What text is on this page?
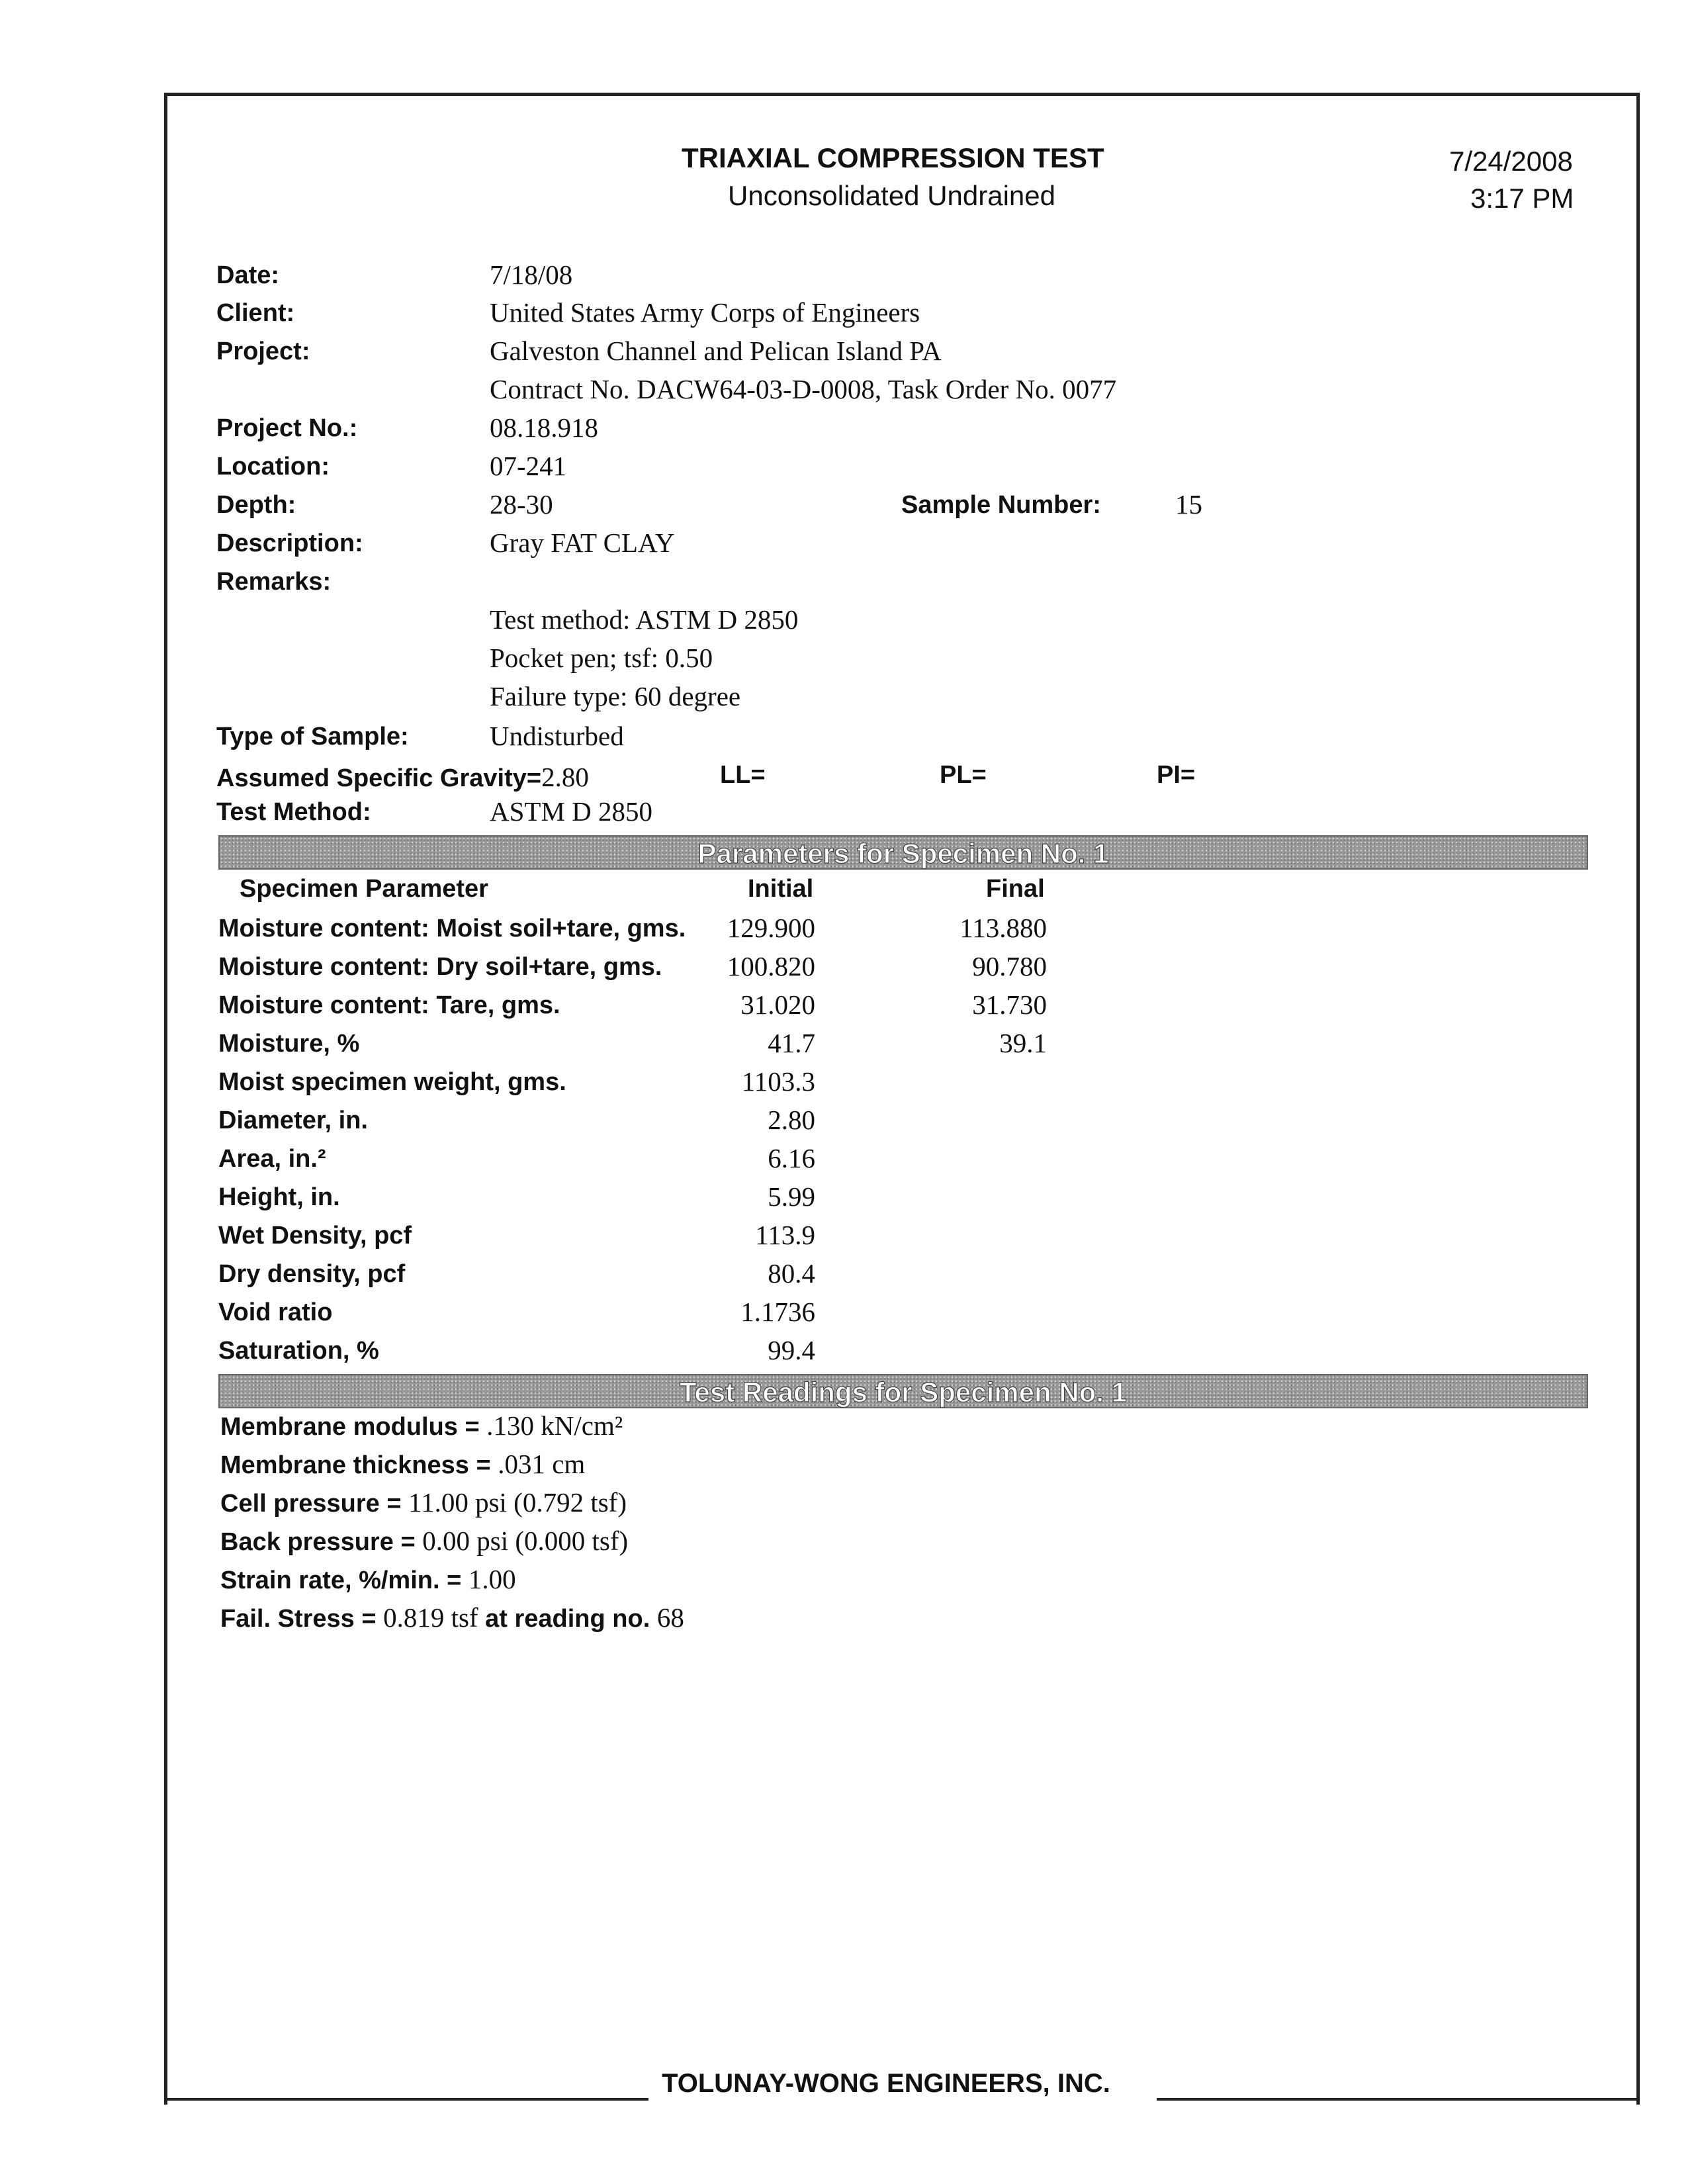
TRIAXIAL COMPRESSION TEST
Unconsolidated Undrained
7/24/2008
3:17 PM
Date:	7/18/08
Client:	United States Army Corps of Engineers
Project:	Galveston Channel and Pelican Island PA
Contract No. DACW64-03-D-0008, Task Order No. 0077
Project No.:	08.18.918
Location:	07-241
Depth:	28-30	Sample Number:	15
Description:	Gray FAT CLAY
Remarks:
Test method: ASTM D 2850
Pocket pen; tsf: 0.50
Failure type: 60 degree
Type of Sample:	Undisturbed
Assumed Specific Gravity=2.80	LL=	PL=	PI=
Test Method:	ASTM D 2850
Parameters for Specimen No. 1
Specimen Parameter	Initial	Final
Moisture content: Moist soil+tare, gms. 129.900	113.880
Moisture content: Dry soil+tare, gms. 100.820	90.780
Moisture content: Tare, gms.	31.020	31.730
Moisture, %	41.7	39.1
Moist specimen weight, gms.	1103.3
Diameter, in.	2.80
Area, in.²	6.16
Height, in.	5.99
Wet Density, pcf	113.9
Dry density, pcf	80.4
Void ratio	1.1736
Saturation, %	99.4
Test Readings for Specimen No. 1
Membrane modulus = .130 kN/cm²
Membrane thickness = .031 cm
Cell pressure = 11.00 psi (0.792 tsf)
Back pressure = 0.00 psi (0.000 tsf)
Strain rate, %/min. = 1.00
Fail. Stress = 0.819 tsf at reading no. 68
TOLUNAY-WONG ENGINEERS, INC.
